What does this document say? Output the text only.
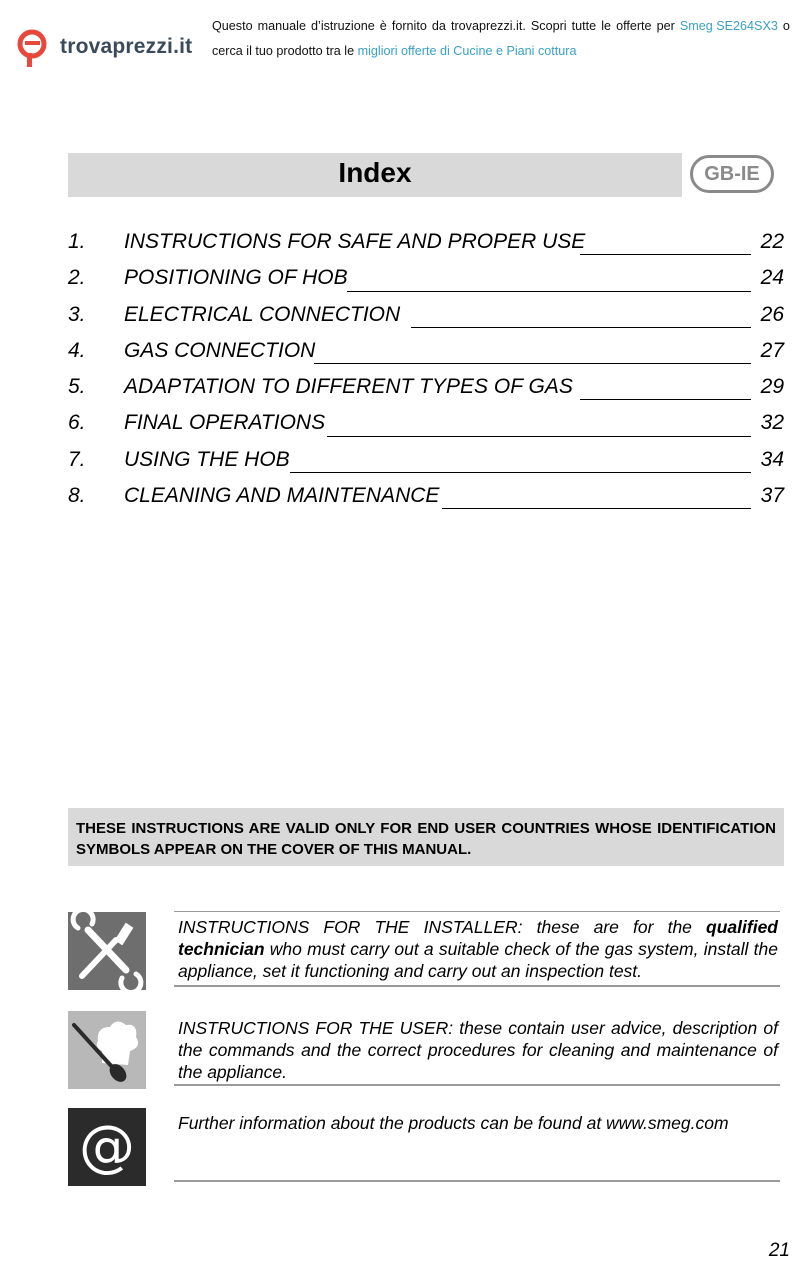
trovaprezzi.it
Questo manuale d’istruzione è fornito da trovaprezzi.it. Scopri tutte le offerte per Smeg SE264SX3 o
cerca il tuo prodotto tra le migliori offerte di Cucine e Piani cottura
Index	GB-IE
1. INSTRUCTIONS FOR SAFE AND PROPER USE	22
2. POSITIONING OF HOB	24
3. ELECTRICAL CONNECTION	26
4. GAS CONNECTION	27
5. ADAPTATION TO DIFFERENT TYPES OF GAS	29
6. FINAL OPERATIONS	32
7. USING THE HOB	34
8. CLEANING AND MAINTENANCE	37
THESE INSTRUCTIONS ARE VALID ONLY FOR END USER COUNTRIES WHOSE IDENTIFICATION SYMBOLS APPEAR ON THE COVER OF THIS MANUAL.
INSTRUCTIONS FOR THE INSTALLER: these are for the qualified technician who must carry out a suitable check of the gas system, install the appliance, set it functioning and carry out an inspection test.
INSTRUCTIONS FOR THE USER: these contain user advice, description of the commands and the correct procedures for cleaning and maintenance of the appliance.
@ Further information about the products can be found at www.smeg.com
21
